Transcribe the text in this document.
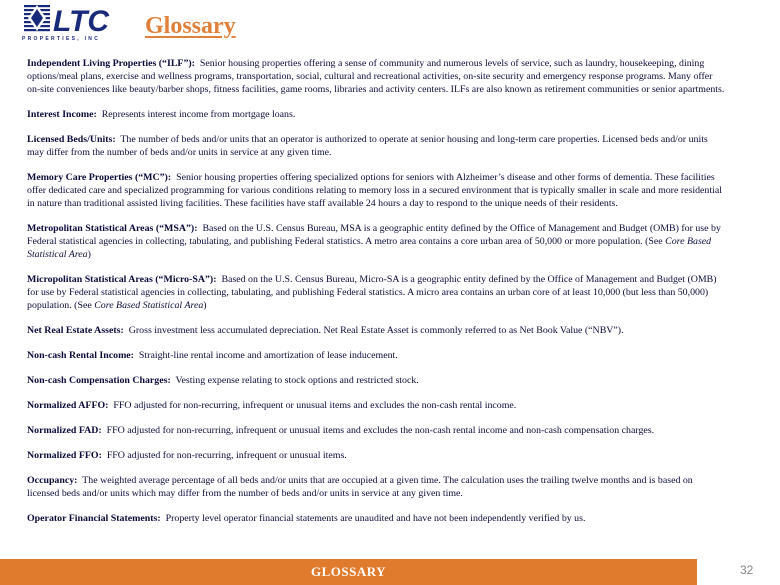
LTC
PROPERTIES, INC	Glossary

Independent Living Properties (“ILF”): Senior housing properties offering a sense of community and numerous levels of service, such as laundry, housekeeping, dining options/meal plans, exercise and wellness programs, transportation, social, cultural and recreational activities, on-site security and emergency response programs. Many offer on-site conveniences like beauty/barber shops, fitness facilities, game rooms, libraries and activity centers. ILFs are also known as retirement communities or senior apartments.

Interest Income: Represents interest income from mortgage loans.

Licensed Beds/Units: The number of beds and/or units that an operator is authorized to operate at senior housing and long-term care properties. Licensed beds and/or units may differ from the number of beds and/or units in service at any given time.

Memory Care Properties (“MC”): Senior housing properties offering specialized options for seniors with Alzheimer’s disease and other forms of dementia. These facilities offer dedicated care and specialized programming for various conditions relating to memory loss in a secured environment that is typically smaller in scale and more residential in nature than traditional assisted living facilities. These facilities have staff available 24 hours a day to respond to the unique needs of their residents.

Metropolitan Statistical Areas (“MSA”): Based on the U.S. Census Bureau, MSA is a geographic entity defined by the Office of Management and Budget (OMB) for use by Federal statistical agencies in collecting, tabulating, and publishing Federal statistics. A metro area contains a core urban area of 50,000 or more population. (See Core Based Statistical Area)

Micropolitan Statistical Areas (“Micro-SA”): Based on the U.S. Census Bureau, Micro-SA is a geographic entity defined by the Office of Management and Budget (OMB) for use by Federal statistical agencies in collecting, tabulating, and publishing Federal statistics. A micro area contains an urban core of at least 10,000 (but less than 50,000) population. (See Core Based Statistical Area)

Net Real Estate Assets: Gross investment less accumulated depreciation. Net Real Estate Asset is commonly referred to as Net Book Value (“NBV”).

Non-cash Rental Income: Straight-line rental income and amortization of lease inducement.

Non-cash Compensation Charges: Vesting expense relating to stock options and restricted stock.

Normalized AFFO: FFO adjusted for non-recurring, infrequent or unusual items and excludes the non-cash rental income.

Normalized FAD: FFO adjusted for non-recurring, infrequent or unusual items and excludes the non-cash rental income and non-cash compensation charges.

Normalized FFO: FFO adjusted for non-recurring, infrequent or unusual items.

Occupancy: The weighted average percentage of all beds and/or units that are occupied at a given time. The calculation uses the trailing twelve months and is based on licensed beds and/or units which may differ from the number of beds and/or units in service at any given time.

Operator Financial Statements: Property level operator financial statements are unaudited and have not been independently verified by us.

GLOSSARY	32
